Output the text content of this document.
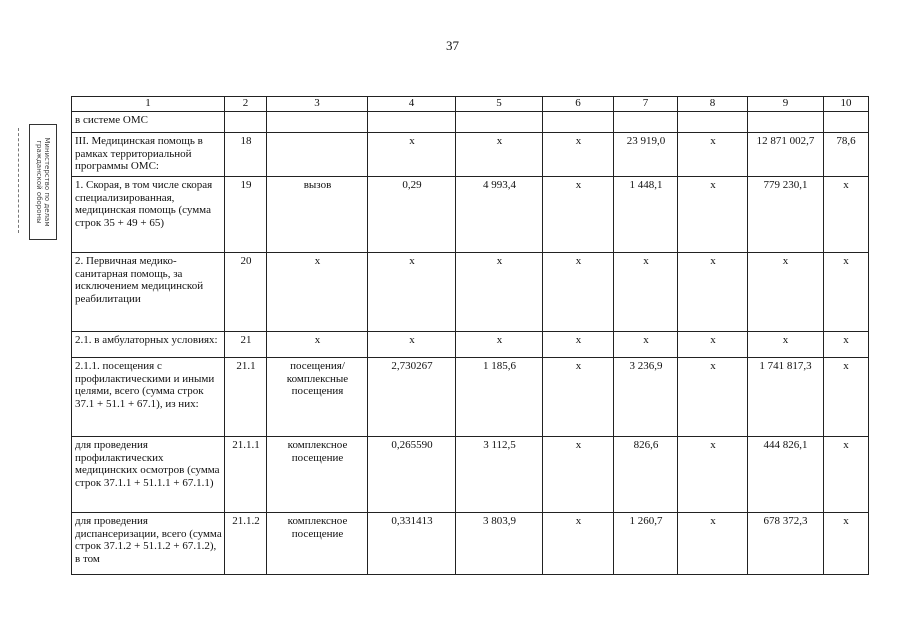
37
Министерство по делам
гражданской обороны
1	2	3	4	5	6	7	8	9	10
в системе ОМС									
III. Медицинская помощь в рамках территориальной программы ОМС:	18		x	x	x	23 919,0	x	12 871 002,7	78,6
1. Скорая, в том числе скорая специализированная, медицинская помощь (сумма строк 35 + 49 + 65)	19	вызов	0,29	4 993,4	x	1 448,1	x	779 230,1	x
2. Первичная медико-санитарная помощь, за исключением медицинской реабилитации	20	x	x	x	x	x	x	x	x
2.1. в амбулаторных условиях:	21	x	x	x	x	x	x	x	x
2.1.1. посещения с профилактическими и иными целями, всего (сумма строк 37.1 + 51.1 + 67.1), из них:	21.1	посещения/ комплексные посещения	2,730267	1 185,6	x	3 236,9	x	1 741 817,3	x
для проведения профилактических медицинских осмотров (сумма строк 37.1.1 + 51.1.1 + 67.1.1)	21.1.1	комплексное посещение	0,265590	3 112,5	x	826,6	x	444 826,1	x
для проведения диспансеризации, всего (сумма строк 37.1.2 + 51.1.2 + 67.1.2), в том	21.1.2	комплексное посещение	0,331413	3 803,9	x	1 260,7	x	678 372,3	x
